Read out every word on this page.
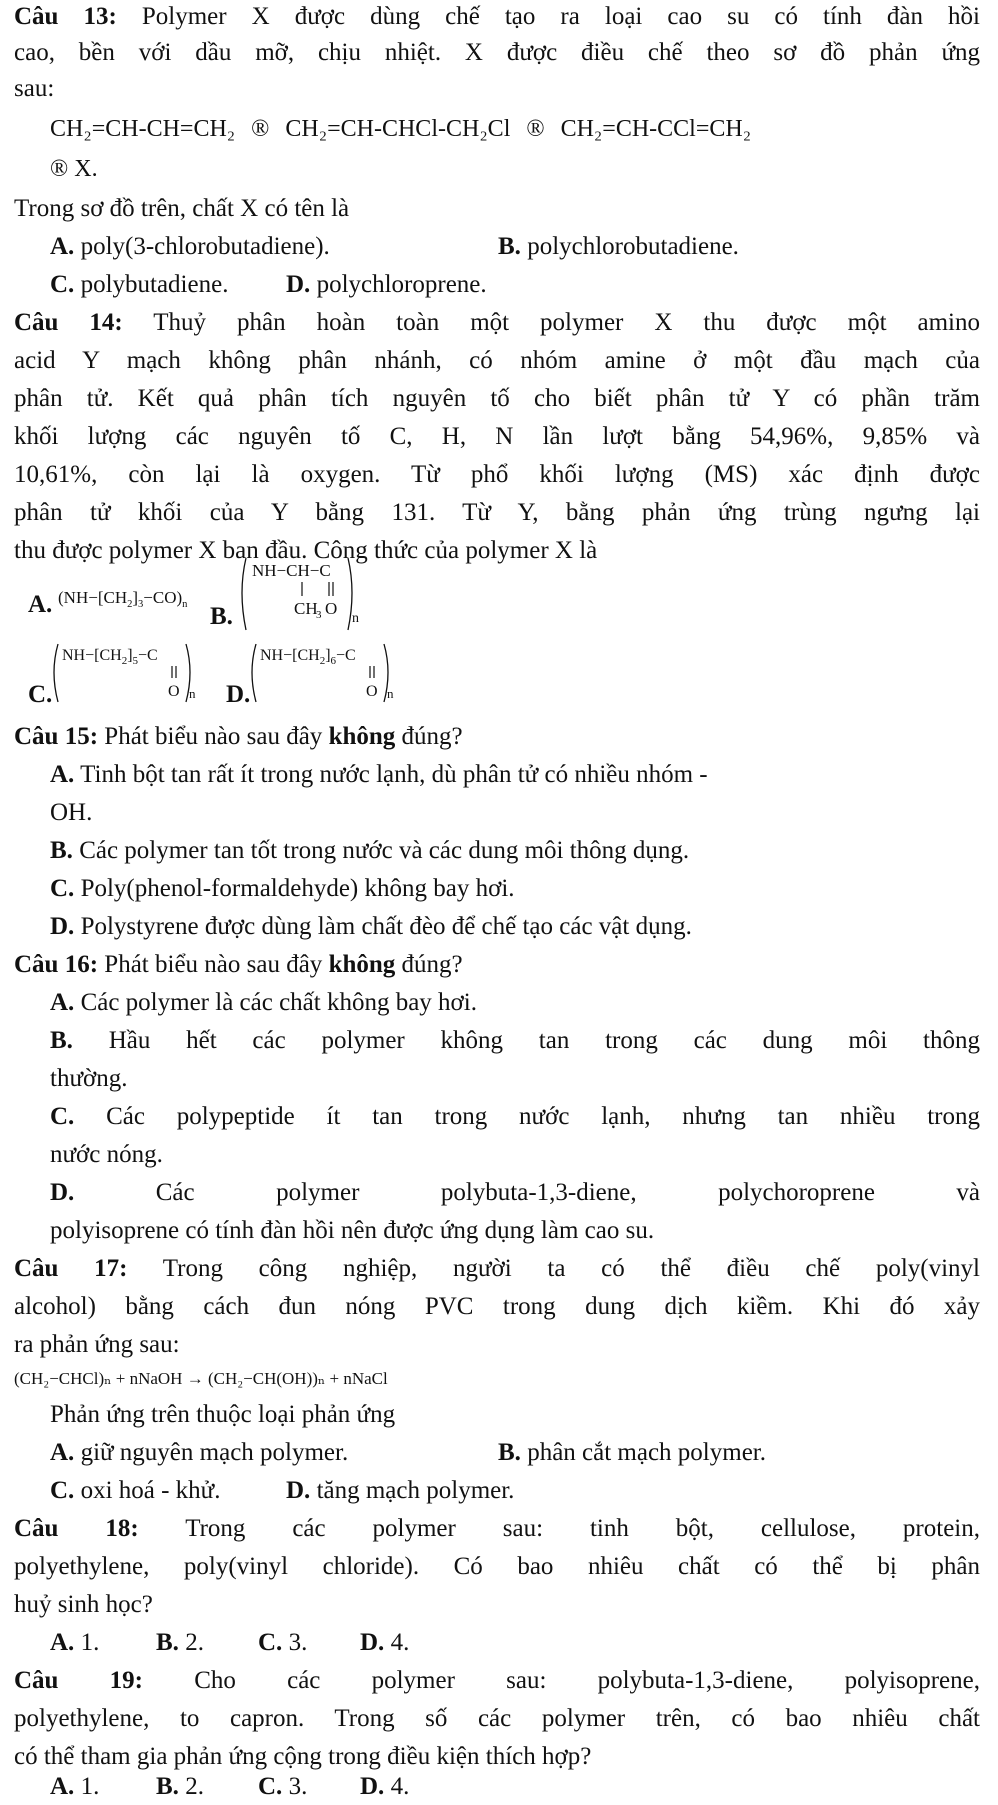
Câu 13: Polymer X được dùng chế tạo ra loại cao su có tính đàn hồi
cao, bền với dầu mỡ, chịu nhiệt. X được điều chế theo sơ đồ phản ứng
sau:
CH₂=CH-CH=CH₂ ® CH₂=CH-CHCl-CH₂Cl ® CH₂=CH-CCl=CH₂
® X.
Trong sơ đồ trên, chất X có tên là
A. poly(3-chlorobutadiene).	B. polychlorobutadiene.
C. polybutadiene. D. polychloroprene.
Câu 14: Thuỷ phân hoàn toàn một polymer X thu được một amino
acid Y mạch không phân nhánh, có nhóm amine ở một đầu mạch của
phân tử. Kết quả phân tích nguyên tố cho biết phân tử Y có phần trăm
khối lượng các nguyên tố C, H, N lần lượt bằng 54,96%, 9,85% và
10,61%, còn lại là oxygen. Từ phổ khối lượng (MS) xác định được
phân tử khối của Y bằng 131. Từ Y, bằng phản ứng trùng ngưng lại
thu được polymer X ban đầu. Công thức của polymer X là
A. $(NH-[CH_2]_3-CO)_n$ B.
NH−CH−C
CH
3 O
n
C.
$NH-[CH_2]_5-C$
O n D.
$NH-[CH_2]_6-C$
O n
Câu 15: Phát biểu nào sau đây không đúng?
A. Tinh bột tan rất ít trong nước lạnh, dù phân tử có nhiều nhóm -
OH.
B. Các polymer tan tốt trong nước và các dung môi thông dụng.
C. Poly(phenol-formaldehyde) không bay hơi.
D. Polystyrene được dùng làm chất đèo để chế tạo các vật dụng.
Câu 16: Phát biểu nào sau đây không đúng?
A. Các polymer là các chất không bay hơi.
B. Hầu hết các polymer không tan trong các dung môi thông
thường.
C. Các polypeptide ít tan trong nước lạnh, nhưng tan nhiều trong
nước nóng.
D. Các polymer polybuta-1,3-diene, polychoroprene và
polyisoprene có tính đàn hồi nên được ứng dụng làm cao su.
Câu 17: Trong công nghiệp, người ta có thể điều chế poly(vinyl
alcohol) bằng cách đun nóng PVC trong dung dịch kiềm. Khi đó xảy
ra phản ứng sau:
(CH₂−CHCl)ₙ + nNaOH → (CH₂−CH(OH))ₙ + nNaCl
Phản ứng trên thuộc loại phản ứng
A. giữ nguyên mạch polymer.	B. phân cắt mạch polymer.
C. oxi hoá - khử.	D. tăng mạch polymer.
Câu 18: Trong các polymer sau: tinh bột, cellulose, protein,
polyethylene, poly(vinyl chloride). Có bao nhiêu chất có thể bị phân
huỷ sinh học?
A. 1. B. 2. C. 3. D. 4.
Câu 19: Cho các polymer sau: polybuta-1,3-diene, polyisoprene,
polyethylene, to capron. Trong số các polymer trên, có bao nhiêu chất
có thể tham gia phản ứng cộng trong điều kiện thích hợp?
A. 1. B. 2. C. 3. D. 4.
